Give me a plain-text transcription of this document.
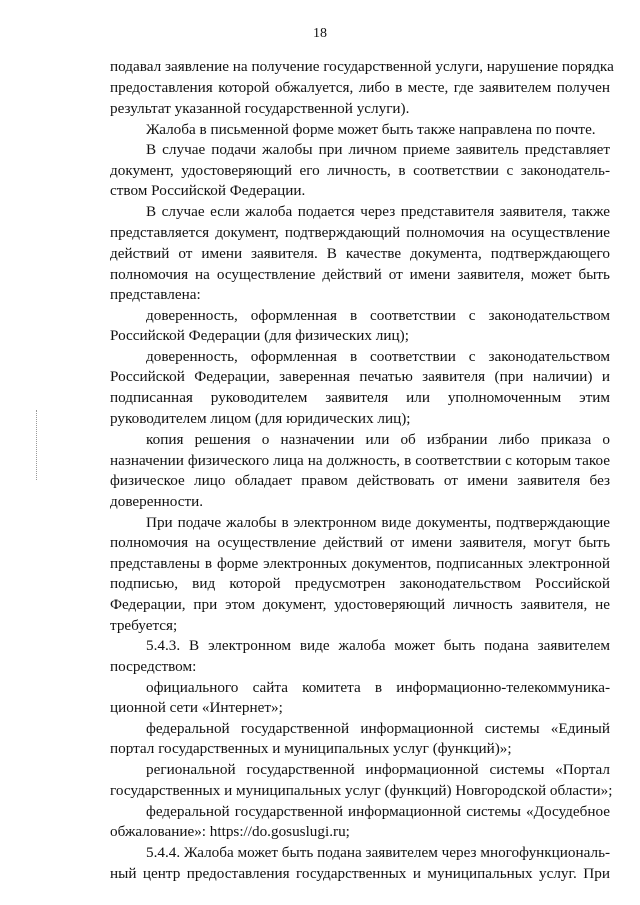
18
подавал заявление на получение государственной услуги, нарушение порядка
предоставления которой обжалуется, либо в месте, где заявителем получен
результат указанной государственной услуги).
Жалоба в письменной форме может быть также направлена по почте.
В случае подачи жалобы при личном приеме заявитель представляет
документ, удостоверяющий его личность, в соответствии с законодатель-
ством Российской Федерации.
В случае если жалоба подается через представителя заявителя, также
представляется документ, подтверждающий полномочия на осуществление
действий от имени заявителя. В качестве документа, подтверждающего
полномочия на осуществление действий от имени заявителя, может быть
представлена:
доверенность, оформленная в соответствии с законодательством
Российской Федерации (для физических лиц);
доверенность, оформленная в соответствии с законодательством
Российской Федерации, заверенная печатью заявителя (при наличии) и
подписанная руководителем заявителя или уполномоченным этим
руководителем лицом (для юридических лиц);
копия решения о назначении или об избрании либо приказа о
назначении физического лица на должность, в соответствии с которым такое
физическое лицо обладает правом действовать от имени заявителя без
доверенности.
При подаче жалобы в электронном виде документы, подтверждающие
полномочия на осуществление действий от имени заявителя, могут быть
представлены в форме электронных документов, подписанных электронной
подписью, вид которой предусмотрен законодательством Российской
Федерации, при этом документ, удостоверяющий личность заявителя, не
требуется;
5.4.3. В электронном виде жалоба может быть подана заявителем
посредством:
официального сайта комитета в информационно-телекоммуника-
ционной сети «Интернет»;
федеральной государственной информационной системы «Единый
портал государственных и муниципальных услуг (функций)»;
региональной государственной информационной системы «Портал
государственных и муниципальных услуг (функций) Новгородской области»;
федеральной государственной информационной системы «Досудебное
обжалование»: https://do.gosuslugi.ru;
5.4.4. Жалоба может быть подана заявителем через многофункциональ-
ный центр предоставления государственных и муниципальных услуг. При
